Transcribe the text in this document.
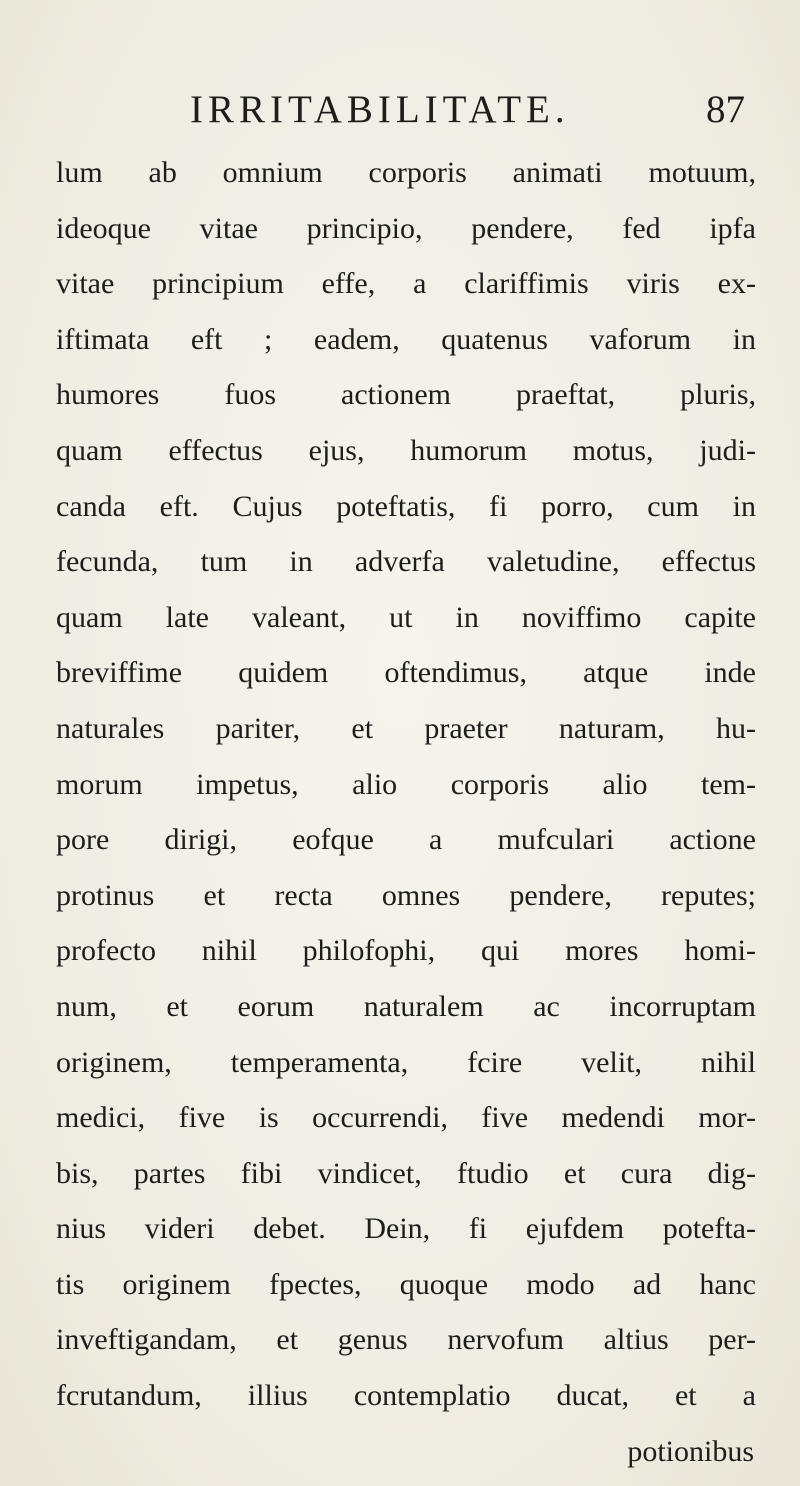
IRRITABILITATE.	87
lum ab omnium corporis animati motuum,
ideoque vitae principio, pendere, fed ipfa
vitae principium effe, a clariffimis viris ex-
iftimata eft ; eadem, quatenus vaforum in
humores fuos actionem praeftat, pluris,
quam effectus ejus, humorum motus, judi-
canda eft. Cujus poteftatis, fi porro, cum in
fecunda, tum in adverfa valetudine, effectus
quam late valeant, ut in noviffimo capite
breviffime quidem oftendimus, atque inde
naturales pariter, et praeter naturam, hu-
morum impetus, alio corporis alio tem-
pore dirigi, eofque a mufculari actione
protinus et recta omnes pendere, reputes;
profecto nihil philofophi, qui mores homi-
num, et eorum naturalem ac incorruptam
originem, temperamenta, fcire velit, nihil
medici, five is occurrendi, five medendi mor-
bis, partes fibi vindicet, ftudio et cura dig-
nius videri debet. Dein, fi ejufdem potefta-
tis originem fpectes, quoque modo ad hanc
inveftigandam, et genus nervofum altius per-
fcrutandum, illius contemplatio ducat, et a
potionibus
